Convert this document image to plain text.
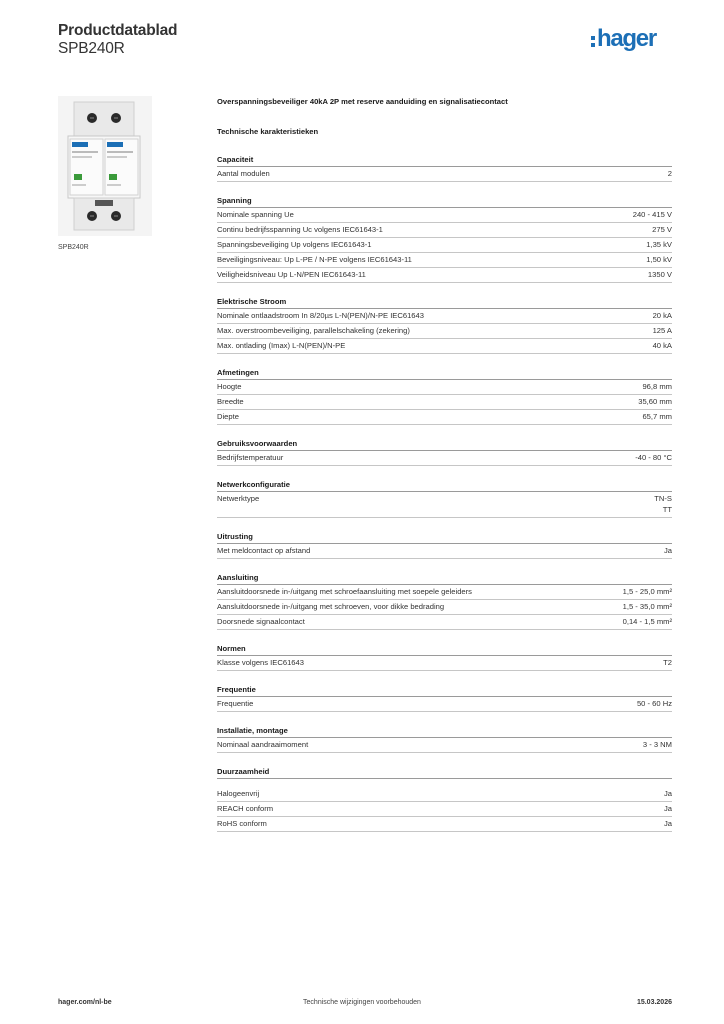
Productdatablad
SPB240R	hager
SPB240R

Overspanningsbeveiliger 40kA 2P met reserve aanduiding en signalisatiecontact

Technische karakteristieken

Capaciteit
Aantal modulen	2
Spanning
Nominale spanning Ue	240 - 415 V
Continu bedrijfsspanning Uc volgens IEC61643-1	275 V
Spanningsbeveiliging Up volgens IEC61643-1	1,35 kV
Beveiligingsniveau: Up L-PE / N-PE volgens IEC61643-11	1,50 kV
Veiligheidsniveau Up L-N/PEN IEC61643-11	1350 V
Elektrische Stroom
Nominale ontlaadstroom In 8/20µs L-N(PEN)/N-PE IEC61643	20 kA
Max. overstroombeveiliging, parallelschakeling (zekering)	125 A
Max. ontlading (Imax) L-N(PEN)/N-PE	40 kA
Afmetingen
Hoogte	96,8 mm
Breedte	35,60 mm
Diepte	65,7 mm
Gebruiksvoorwaarden
Bedrijfstemperatuur	-40 - 80 °C
Netwerkconfiguratie
Netwerktype	TN-S
TT
Uitrusting
Met meldcontact op afstand	Ja
Aansluiting
Aansluitdoorsnede in-/uitgang met schroefaansluiting met soepele geleiders	1,5 - 25,0 mm²
Aansluitdoorsnede in-/uitgang met schroeven, voor dikke bedrading	1,5 - 35,0 mm²
Doorsnede signaalcontact	0,14 - 1,5 mm²
Normen
Klasse volgens IEC61643	T2
Frequentie
Frequentie	50 - 60 Hz
Installatie, montage
Nominaal aandraaimoment	3 - 3 NM
Duurzaamheid
Halogeenvrij	Ja
REACH conform	Ja
RoHS conform	Ja
hager.com/nl-be	Technische wijzigingen voorbehouden	15.03.2026
